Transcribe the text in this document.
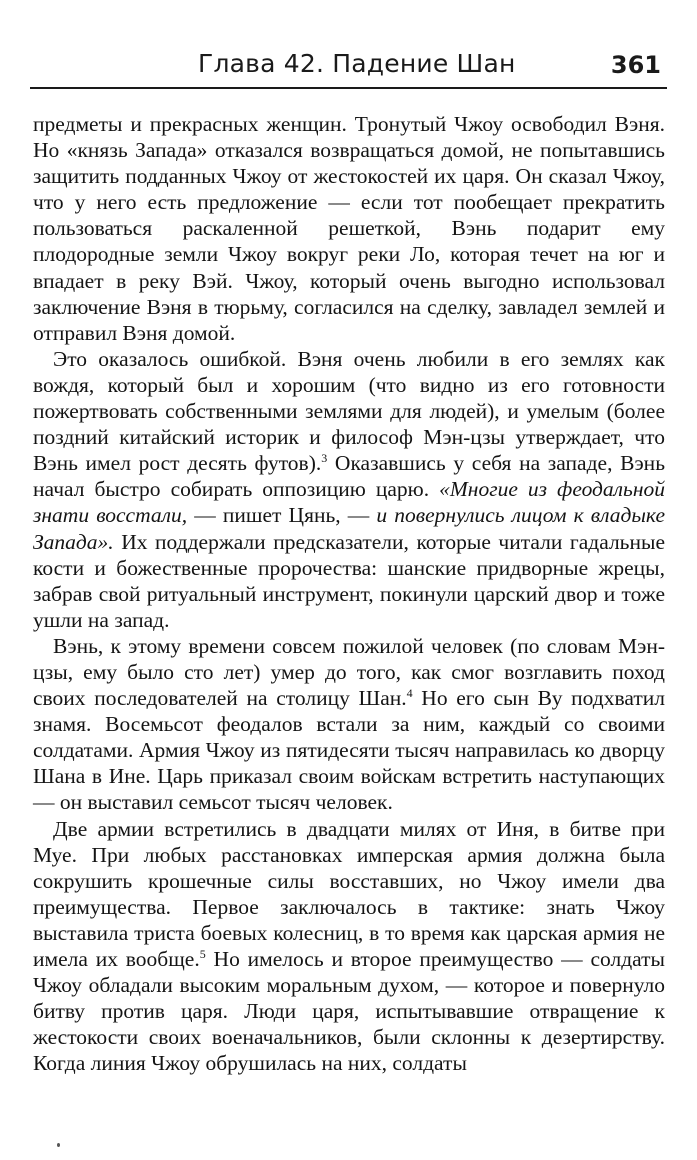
Глава 42. Падение Шан	361

предметы и прекрасных женщин. Тронутый Чжоу освободил Вэня. Но «князь Запада» отказался возвращаться домой, не попытавшись защитить подданных Чжоу от жестокостей их царя. Он сказал Чжоу, что у него есть предложение — если тот пообещает прекратить пользоваться раскаленной решеткой, Вэнь подарит ему плодородные земли Чжоу вокруг реки Ло, которая течет на юг и впадает в реку Вэй. Чжоу, который очень выгодно использовал заключение Вэня в тюрьму, согласился на сделку, завладел землей и отправил Вэня домой.

Это оказалось ошибкой. Вэня очень любили в его землях как вождя, который был и хорошим (что видно из его готовности пожертвовать собственными землями для людей), и умелым (более поздний китайский историк и философ Мэн-цзы утверждает, что Вэнь имел рост десять футов).$^3$ Оказавшись у себя на западе, Вэнь начал быстро собирать оппозицию царю. «Многие из феодальной знати восстали, — пишет Цянь, — и повернулись лицом к владыке Запада». Их поддержали предсказатели, которые читали гадальные кости и божественные пророчества: шанские придворные жрецы, забрав свой ритуальный инструмент, покинули царский двор и тоже ушли на запад.

Вэнь, к этому времени совсем пожилой человек (по словам Мэн-цзы, ему было сто лет) умер до того, как смог возглавить поход своих последователей на столицу Шан.$^4$ Но его сын Ву подхватил знамя. Восемьсот феодалов встали за ним, каждый со своими солдатами. Армия Чжоу из пятидесяти тысяч направилась ко дворцу Шана в Ине. Царь приказал своим войскам встретить наступающих — он выставил семьсот тысяч человек.

Две армии встретились в двадцати милях от Иня, в битве при Муе. При любых расстановках имперская армия должна была сокрушить крошечные силы восставших, но Чжоу имели два преимущества. Первое заключалось в тактике: знать Чжоу выставила триста боевых колесниц, в то время как царская армия не имела их вообще.$^5$ Но имелось и второе преимущество — солдаты Чжоу обладали высоким моральным духом, — которое и повернуло битву против царя. Люди царя, испытывавшие отвращение к жестокости своих военачальников, были склонны к дезертирству. Когда линия Чжоу обрушилась на них, солдаты
